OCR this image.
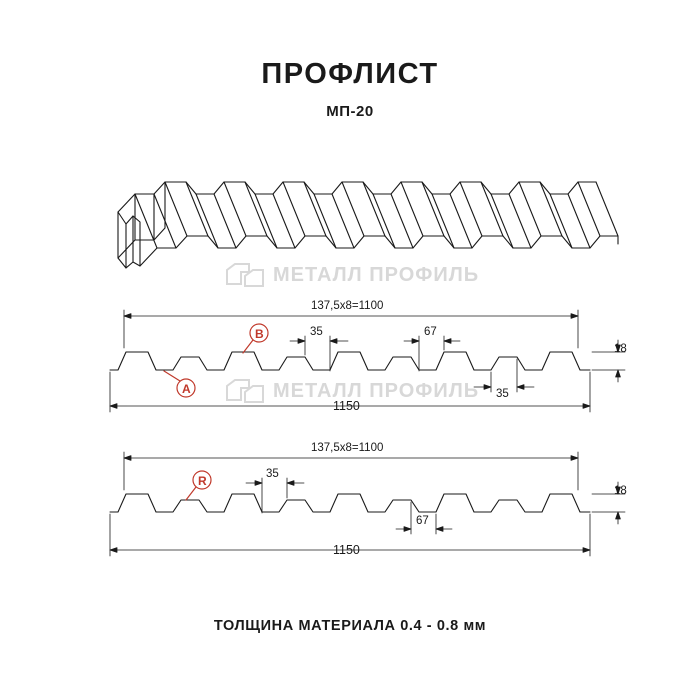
ПРОФЛИСТ
МП-20
МЕТАЛЛ ПРОФИЛЬ
МЕТАЛЛ ПРОФИЛЬ
A
B
137,5х8=1100
1150
18
35	67
35
R
137,5х8=1100
1150
18
35
67
ТОЛЩИНА МАТЕРИАЛА 0.4 - 0.8 мм
